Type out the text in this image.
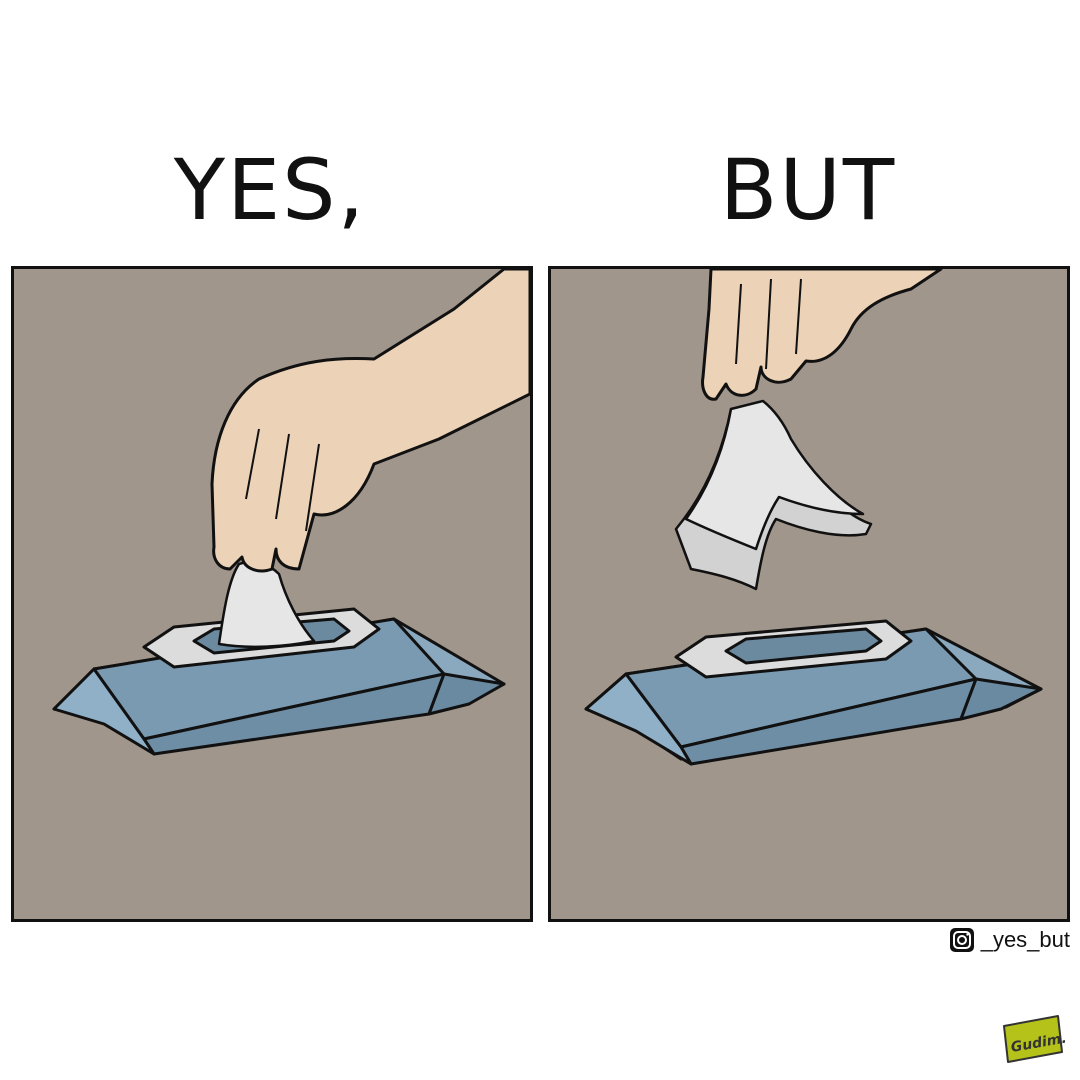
YES,	BUT
_yes_but
Gudim.
